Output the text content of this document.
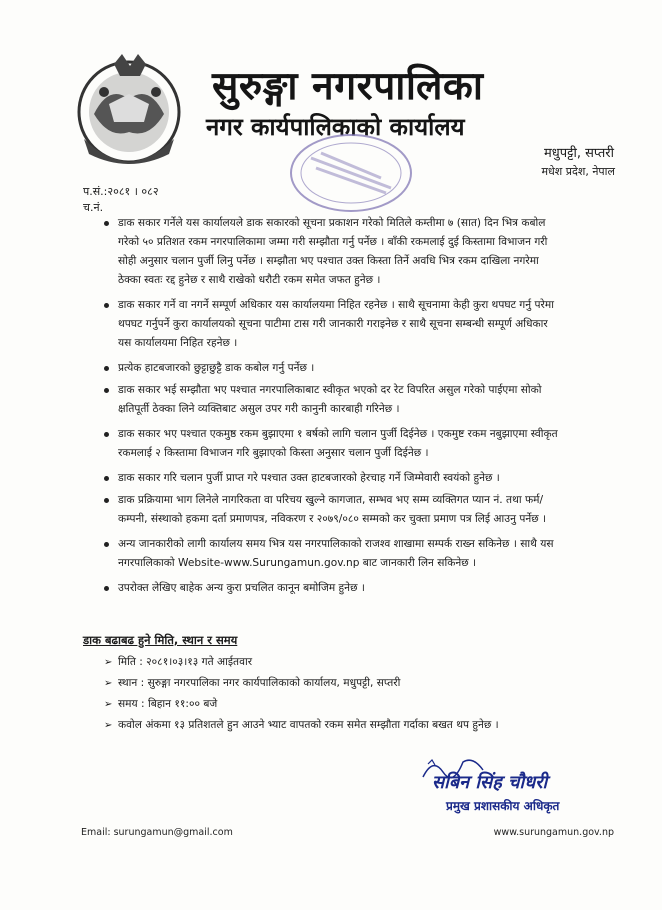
सुरुङ्गा नगरपालिका
नगर कार्यपालिकाको कार्यालय
मधुपट्टी, सप्तरी
मधेश प्रदेश, नेपाल
प.सं.:२०८१ । ०८२
च.नं.
डाक सकार गर्नेले यस कार्यालयले डाक सकारको सूचना प्रकाशन गरेको मितिले कम्तीमा ७ (सात) दिन भित्र कबोल गरेको ५० प्रतिशत रकम नगरपालिकामा जम्मा गरी सम्झौता गर्नु पर्नेछ । बाँकी रकमलाई दुई किस्तामा विभाजन गरी सोही अनुसार चलान पुर्जी लिनु पर्नेछ । सम्झौता भए पश्चात उक्त किस्ता तिर्ने अवधि भित्र रकम दाखिला नगरेमा ठेक्का स्वतः रद्द हुनेछ र साथै राखेको धरौटी रकम समेत जफत हुनेछ ।
डाक सकार गर्ने वा नगर्ने सम्पूर्ण अधिकार यस कार्यालयमा निहित रहनेछ । साथै सूचनामा केही कुरा थपघट गर्नु परेमा थपघट गर्नुपर्ने कुरा कार्यालयको सूचना पाटीमा टास गरी जानकारी गराइनेछ र साथै सूचना सम्बन्धी सम्पूर्ण अधिकार यस कार्यालयमा निहित रहनेछ ।
प्रत्येक हाटबजारको छुट्टाछुट्टै डाक कबोल गर्नु पर्नेछ ।
डाक सकार भई सम्झौता भए पश्चात नगरपालिकाबाट स्वीकृत भएको दर रेट विपरित असुल गरेको पाईएमा सोको क्षतिपूर्ती ठेक्का लिने व्यक्तिबाट असुल उपर गरी कानुनी कारबाही गरिनेछ ।
डाक सकार भए पश्चात एकमुष्ठ रकम बुझाएमा १ बर्षको लागि चलान पुर्जी दिईनेछ । एकमुष्ट रकम नबुझाएमा स्वीकृत रकमलाई २ किस्तामा विभाजन गरि बुझाएको किस्ता अनुसार चलान पुर्जी दिईनेछ ।
डाक सकार गरि चलान पुर्जी प्राप्त गरे पश्चात उक्त हाटबजारको हेरचाह गर्ने जिम्मेवारी स्वयंको हुनेछ ।
डाक प्रक्रियामा भाग लिनेले नागरिकता वा परिचय खुल्ने कागजात, सम्भव भए सम्म व्यक्तिगत प्यान नं. तथा फर्म/कम्पनी, संस्थाको हकमा दर्ता प्रमाणपत्र, नविकरण र २०७९/०८० सम्मको कर चुक्ता प्रमाण पत्र लिई आउनु पर्नेछ ।
अन्य जानकारीको लागी कार्यालय समय भित्र यस नगरपालिकाको राजश्व शाखामा सम्पर्क राख्न सकिनेछ । साथै यस नगरपालिकाको Website-www.Surungamun.gov.np बाट जानकारी लिन सकिनेछ ।
उपरोक्त लेखिए बाहेक अन्य कुरा प्रचलित कानून बमोजिम हुनेछ ।
डाक बढाबढ हुने मिति, स्थान र समय
➢ मिति : २०८१।०३।१३ गते आईतवार
➢ स्थान : सुरुङ्गा नगरपालिका नगर कार्यपालिकाको कार्यालय, मधुपट्टी, सप्तरी
➢ समय : बिहान ११:०० बजे
➢ कवोल अंकमा १३ प्रतिशतले हुन आउने भ्याट वापतको रकम समेत सम्झौता गर्दाका बखत थप हुनेछ ।
सबिन सिंह चौधरी
प्रमुख प्रशासकीय अधिकृत
Email: surungamun@gmail.com	www.surungamun.gov.np
